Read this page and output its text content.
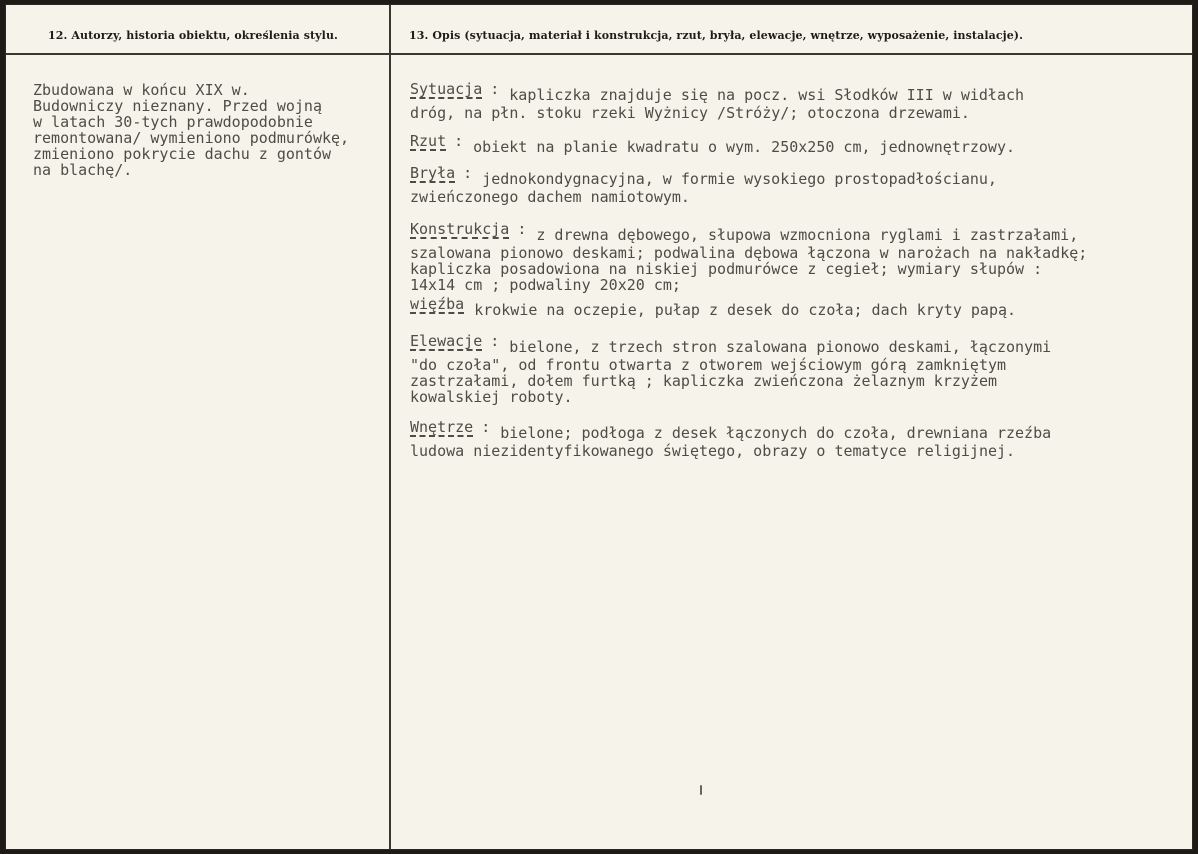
12. Autorzy, historia obiektu, określenia stylu.	13. Opis (sytuacja, materiał i konstrukcja, rzut, bryła, elewacje, wnętrze, wyposażenie, instalacje).
Zbudowana w końcu XIX w.
Budowniczy nieznany. Przed wojną
w latach 30-tych prawdopodobnie
remontowana/ wymieniono podmurówkę,
zmieniono pokrycie dachu z gontów
na blachę/.
Sytuacja : kapliczka znajduje się na pocz. wsi Słodków III w widłach
dróg, na płn. stoku rzeki Wyżnicy /Stróży/; otoczona drzewami.
Rzut : obiekt na planie kwadratu o wym. 250x250 cm, jednownętrzowy.
Bryła : jednokondygnacyjna, w formie wysokiego prostopadłościanu,
zwieńczonego dachem namiotowym.
Konstrukcja : z drewna dębowego, słupowa wzmocniona ryglami i zastrzałami,
szalowana pionowo deskami; podwalina dębowa łączona w narożach na nakładkę;
kapliczka posadowiona na niskiej podmurówce z cegieł; wymiary słupów :
14x14 cm ; podwaliny 20x20 cm;
więźba krokwie na oczepie, pułap z desek do czoła; dach kryty papą.
Elewacje : bielone, z trzech stron szalowana pionowo deskami, łączonymi
"do czoła", od frontu otwarta z otworem wejściowym górą zamkniętym
zastrzałami, dołem furtką ; kapliczka zwieńczona żelaznym krzyżem
kowalskiej roboty.
Wnętrze : bielone; podłoga z desek łączonych do czoła, drewniana rzeźba
ludowa niezidentyfikowanego świętego, obrazy o tematyce religijnej.
